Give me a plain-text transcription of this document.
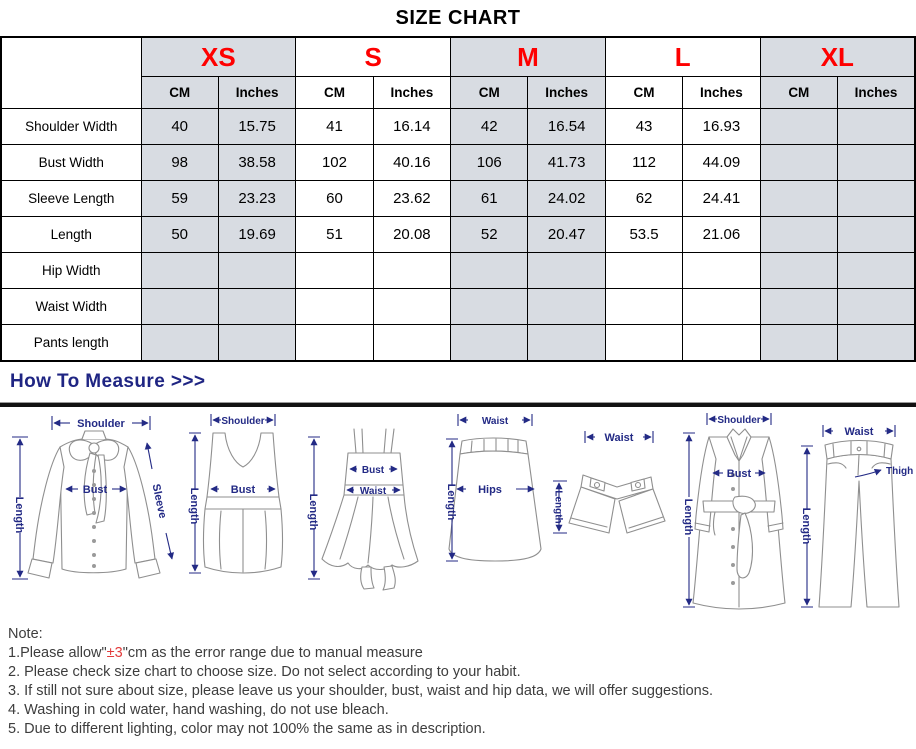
SIZE CHART
	XS		S		M		L		XL	
	CM	Inches	CM	Inches	CM	Inches	CM	Inches	CM	Inches
Shoulder Width	40	15.75	41	16.14	42	16.54	43	16.93		
Bust Width	98	38.58	102	40.16	106	41.73	112	44.09		
Sleeve Length	59	23.23	60	23.62	61	24.02	62	24.41		
Length	50	19.69	51	20.08	52	20.47	53.5	21.06		
Hip Width										
Waist Width										
Pants length										
How To Measure >>>
Shoulder
Length
Bust	Sleeve
Shoulder
Length	Bust
Length
Bust
Waist
Waist
Length Hips
Waist
Length
Shoulder
Length
Bust
Waist
Length
Thigh
Note:
1.Please allow"±3"cm as the error range due to manual measure
2. Please check size chart to choose size. Do not select according to your habit.
3. If still not sure about size, please leave us your shoulder, bust, waist and hip data, we will offer suggestions.
4. Washing in cold water, hand washing, do not use bleach.
5. Due to different lighting, color may not 100% the same as in description.
